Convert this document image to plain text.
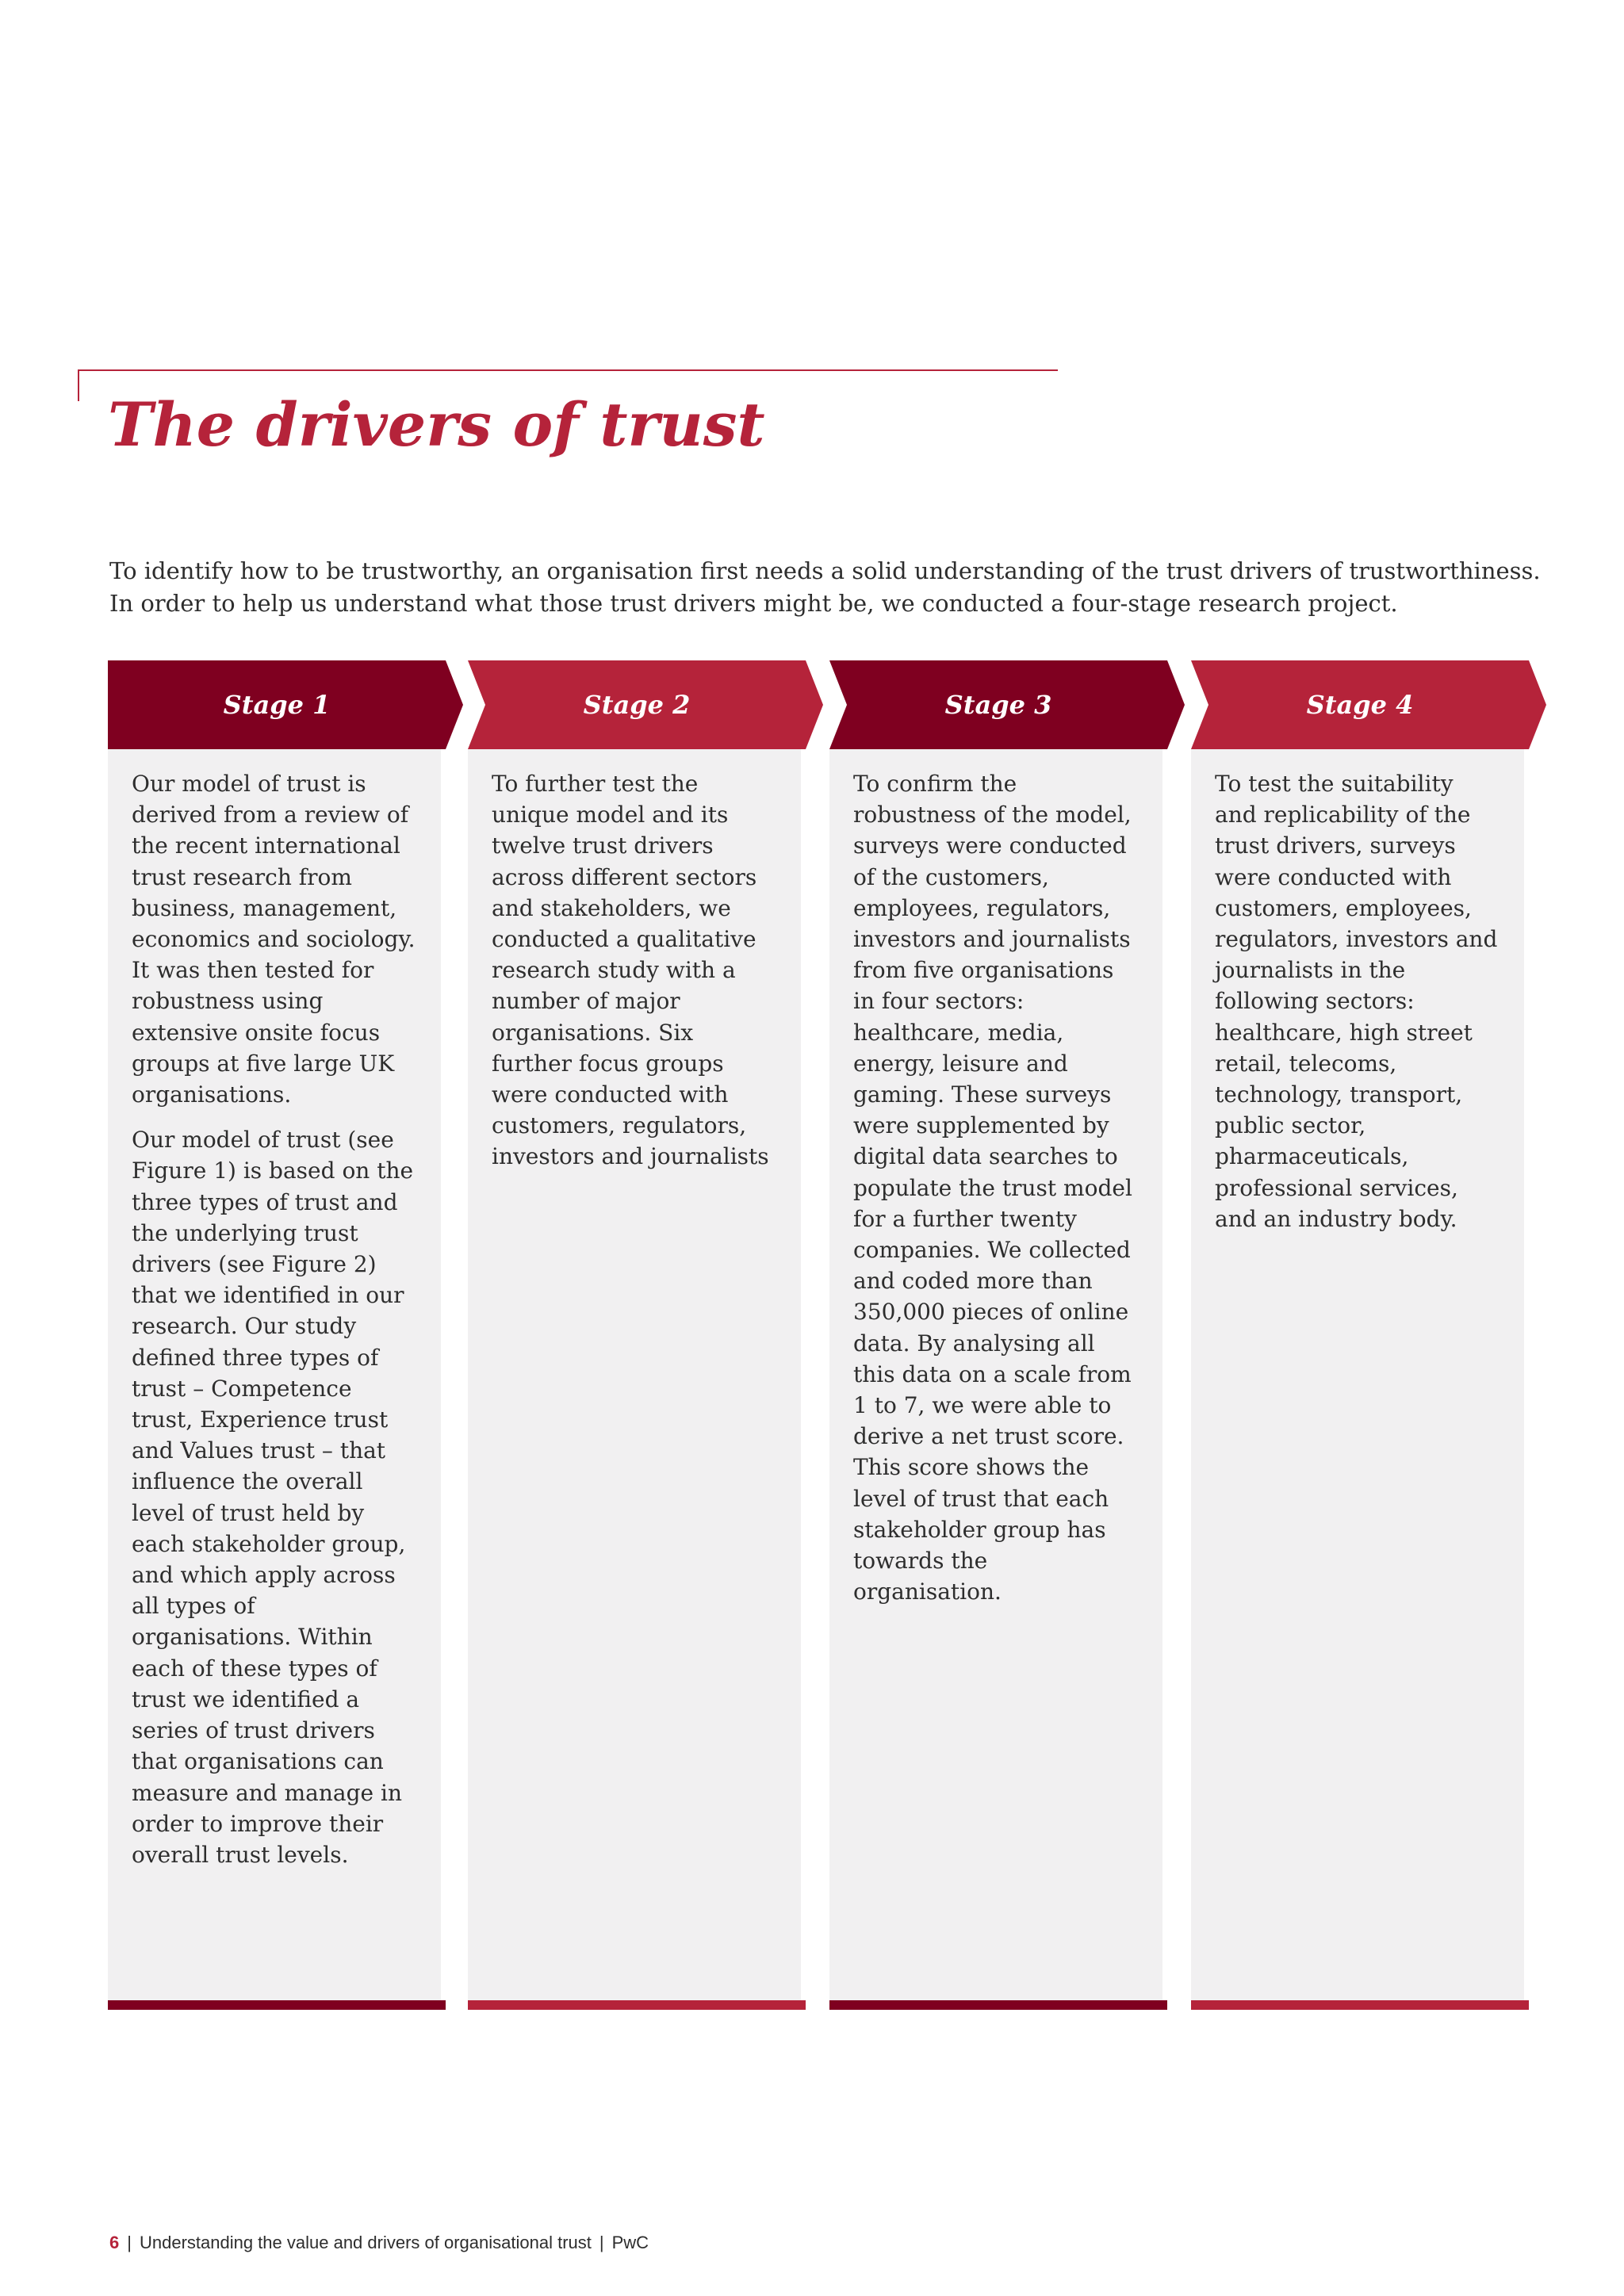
The drivers of trust

To identify how to be trustworthy, an organisation first needs a solid understanding of the trust drivers of trustworthiness.
In order to help us understand what those trust drivers might be, we conducted a four-stage research project.

Stage 1

Our model of trust is derived from a review of the recent international trust research from business, management, economics and sociology. It was then tested for robustness using extensive onsite focus groups at five large UK organisations.

Our model of trust (see Figure 1) is based on the three types of trust and the underlying trust drivers (see Figure 2) that we identified in our research. Our study defined three types of trust – Competence trust, Experience trust and Values trust – that influence the overall level of trust held by each stakeholder group, and which apply across all types of organisations. Within each of these types of trust we identified a series of trust drivers that organisations can measure and manage in order to improve their overall trust levels.

Stage 2

To further test the unique model and its twelve trust drivers across different sectors and stakeholders, we conducted a qualitative research study with a number of major organisations. Six further focus groups were conducted with customers, regulators, investors and journalists

Stage 3

To confirm the robustness of the model, surveys were conducted of the customers, employees, regulators, investors and journalists from five organisations in four sectors: healthcare, media, energy, leisure and gaming. These surveys were supplemented by digital data searches to populate the trust model for a further twenty companies. We collected and coded more than 350,000 pieces of online data. By analysing all this data on a scale from 1 to 7, we were able to derive a net trust score. This score shows the level of trust that each stakeholder group has towards the organisation.

Stage 4

To test the suitability and replicability of the trust drivers, surveys were conducted with customers, employees, regulators, investors and journalists in the following sectors: healthcare, high street retail, telecoms, technology, transport, public sector, pharmaceuticals, professional services, and an industry body.

6 | Understanding the value and drivers of organisational trust | PwC
